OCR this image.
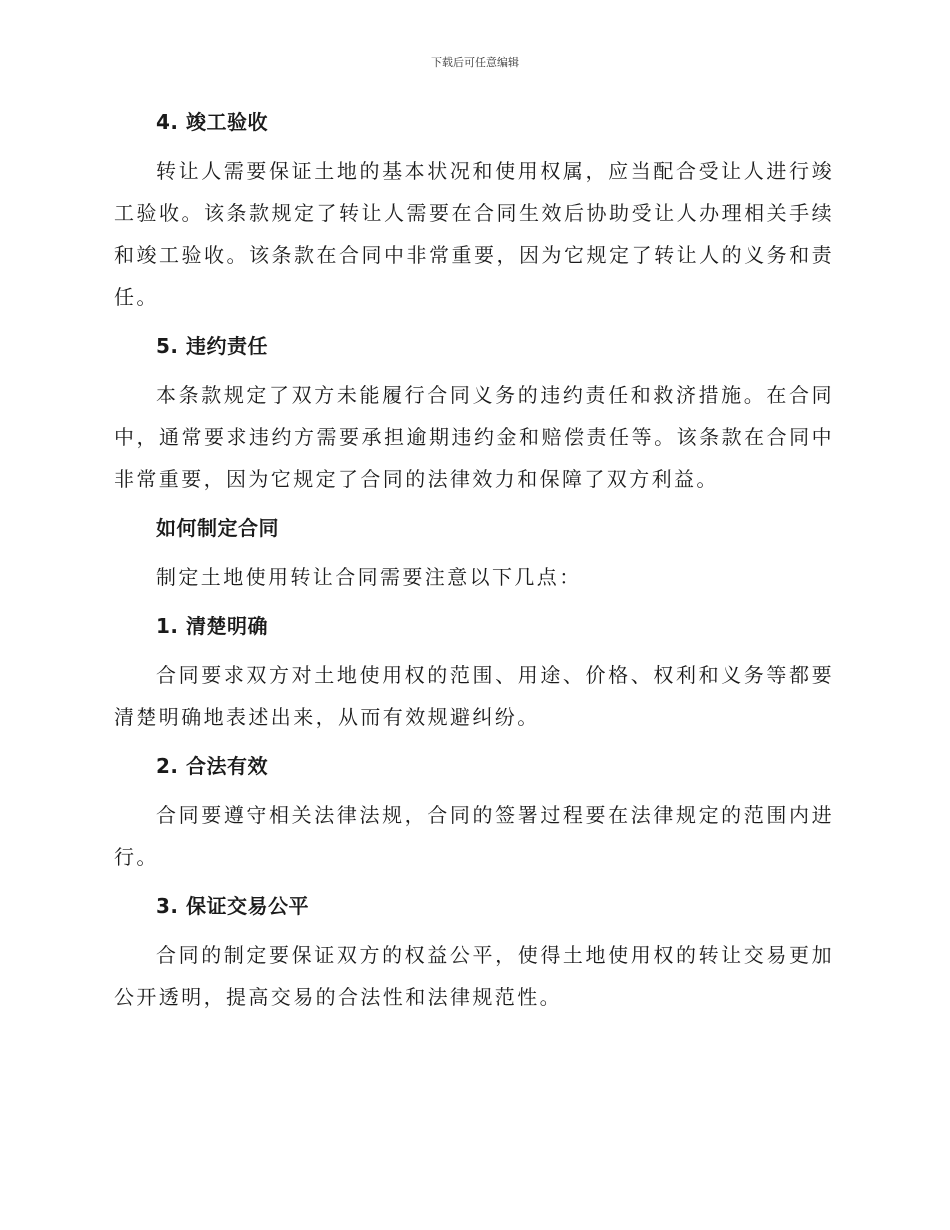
下载后可任意编辑
4. 竣工验收

转让人需要保证土地的基本状况和使用权属，应当配合受让人进行竣工验收。该条款规定了转让人需要在合同生效后协助受让人办理相关手续和竣工验收。该条款在合同中非常重要，因为它规定了转让人的义务和责任。

5. 违约责任

本条款规定了双方未能履行合同义务的违约责任和救济措施。在合同中，通常要求违约方需要承担逾期违约金和赔偿责任等。该条款在合同中非常重要，因为它规定了合同的法律效力和保障了双方利益。

如何制定合同

制定土地使用转让合同需要注意以下几点：

1. 清楚明确

合同要求双方对土地使用权的范围、用途、价格、权利和义务等都要清楚明确地表述出来，从而有效规避纠纷。

2. 合法有效

合同要遵守相关法律法规，合同的签署过程要在法律规定的范围内进行。

3. 保证交易公平

合同的制定要保证双方的权益公平，使得土地使用权的转让交易更加公开透明，提高交易的合法性和法律规范性。
